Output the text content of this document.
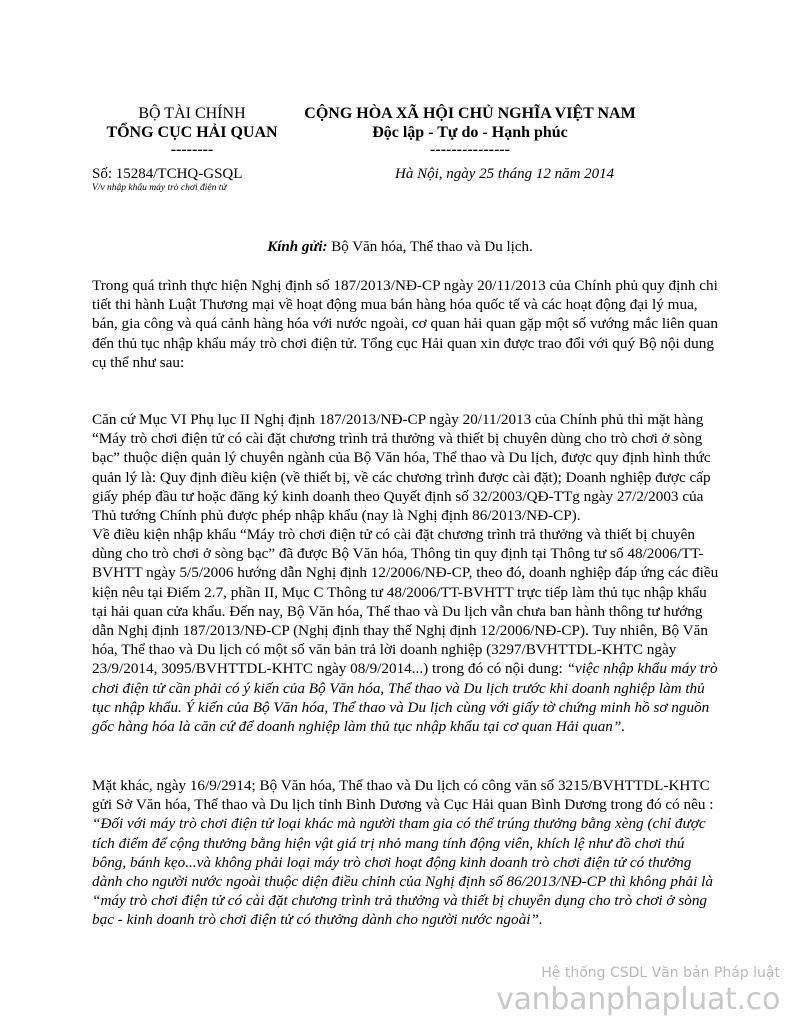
BỘ TÀI CHÍNH
TỔNG CỤC HẢI QUAN
--------
CỘNG HÒA XÃ HỘI CHỦ NGHĨA VIỆT NAM
Độc lập - Tự do - Hạnh phúc
---------------
Số: 15284/TCHQ-GSQL
V/v nhập khẩu máy trò chơi điện tử
Hà Nội, ngày 25 tháng 12 năm 2014
Kính gửi: Bộ Văn hóa, Thể thao và Du lịch.
Trong quá trình thực hiện Nghị định số 187/2013/NĐ-CP ngày 20/11/2013 của Chính phủ quy định chi tiết thi hành Luật Thương mại về hoạt động mua bán hàng hóa quốc tế và các hoạt động đại lý mua, bán, gia công và quá cảnh hàng hóa với nước ngoài, cơ quan hải quan gặp một số vướng mắc liên quan đến thủ tục nhập khẩu máy trò chơi điện tử. Tổng cục Hải quan xin được trao đổi với quý Bộ nội dung cụ thể như sau:
Căn cứ Mục VI Phụ lục II Nghị định 187/2013/NĐ-CP ngày 20/11/2013 của Chính phủ thì mặt hàng “Máy trò chơi điện tử có cài đặt chương trình trả thưởng và thiết bị chuyên dùng cho trò chơi ở sòng bạc” thuộc diện quản lý chuyên ngành của Bộ Văn hóa, Thể thao và Du lịch, được quy định hình thức quản lý là: Quy định điều kiện (về thiết bị, về các chương trình được cài đặt); Doanh nghiệp được cấp giấy phép đầu tư hoặc đăng ký kinh doanh theo Quyết định số 32/2003/QĐ-TTg ngày 27/2/2003 của Thủ tướng Chính phủ được phép nhập khẩu (nay là Nghị định 86/2013/NĐ-CP).
Về điều kiện nhập khẩu “Máy trò chơi điện tử có cài đặt chương trình trả thưởng và thiết bị chuyên dùng cho trò chơi ở sòng bạc” đã được Bộ Văn hóa, Thông tin quy định tại Thông tư số 48/2006/TT-BVHTT ngày 5/5/2006 hướng dẫn Nghị định 12/2006/NĐ-CP, theo đó, doanh nghiệp đáp ứng các điều kiện nêu tại Điểm 2.7, phần II, Mục C Thông tư 48/2006/TT-BVHTT trực tiếp làm thủ tục nhập khẩu tại hải quan cửa khẩu. Đến nay, Bộ Văn hóa, Thể thao và Du lịch vẫn chưa ban hành thông tư hướng dẫn Nghị định 187/2013/NĐ-CP (Nghị định thay thế Nghị định 12/2006/NĐ-CP). Tuy nhiên, Bộ Văn hóa, Thể thao và Du lịch có một số văn bản trả lời doanh nghiệp (3297/BVHTTDL-KHTC ngày 23/9/2014, 3095/BVHTTDL-KHTC ngày 08/9/2014...) trong đó có nội dung: “việc nhập khẩu máy trò chơi điện tử cần phải có ý kiến của Bộ Văn hóa, Thể thao và Du lịch trước khi doanh nghiệp làm thủ tục nhập khẩu. Ý kiến của Bộ Văn hóa, Thể thao và Du lịch cùng với giấy tờ chứng minh hồ sơ nguồn gốc hàng hóa là căn cứ để doanh nghiệp làm thủ tục nhập khẩu tại cơ quan Hải quan”.
Mặt khác, ngày 16/9/2914; Bộ Văn hóa, Thể thao và Du lịch có công văn số 3215/BVHTTDL-KHTC gửi Sở Văn hóa, Thể thao và Du lịch tỉnh Bình Dương và Cục Hải quan Bình Dương trong đó có nêu : “Đối với máy trò chơi điện tử loại khác mà người tham gia có thể trúng thưởng bằng xèng (chỉ được tích điểm để cộng thưởng bằng hiện vật giá trị nhỏ mang tính động viên, khích lệ như đồ chơi thú bông, bánh kẹo...và không phải loại máy trò chơi hoạt động kinh doanh trò chơi điện tử có thưởng dành cho người nước ngoài thuộc diện điều chỉnh của Nghị định số 86/2013/NĐ-CP thì không phải là “máy trò chơi điện tử có cài đặt chương trình trả thưởng và thiết bị chuyên dụng cho trò chơi ở sòng bạc - kinh doanh trò chơi điện tử có thưởng dành cho người nước ngoài”.
Hệ thống CSDL Văn bản Pháp luật
vanbanphapluat.co
